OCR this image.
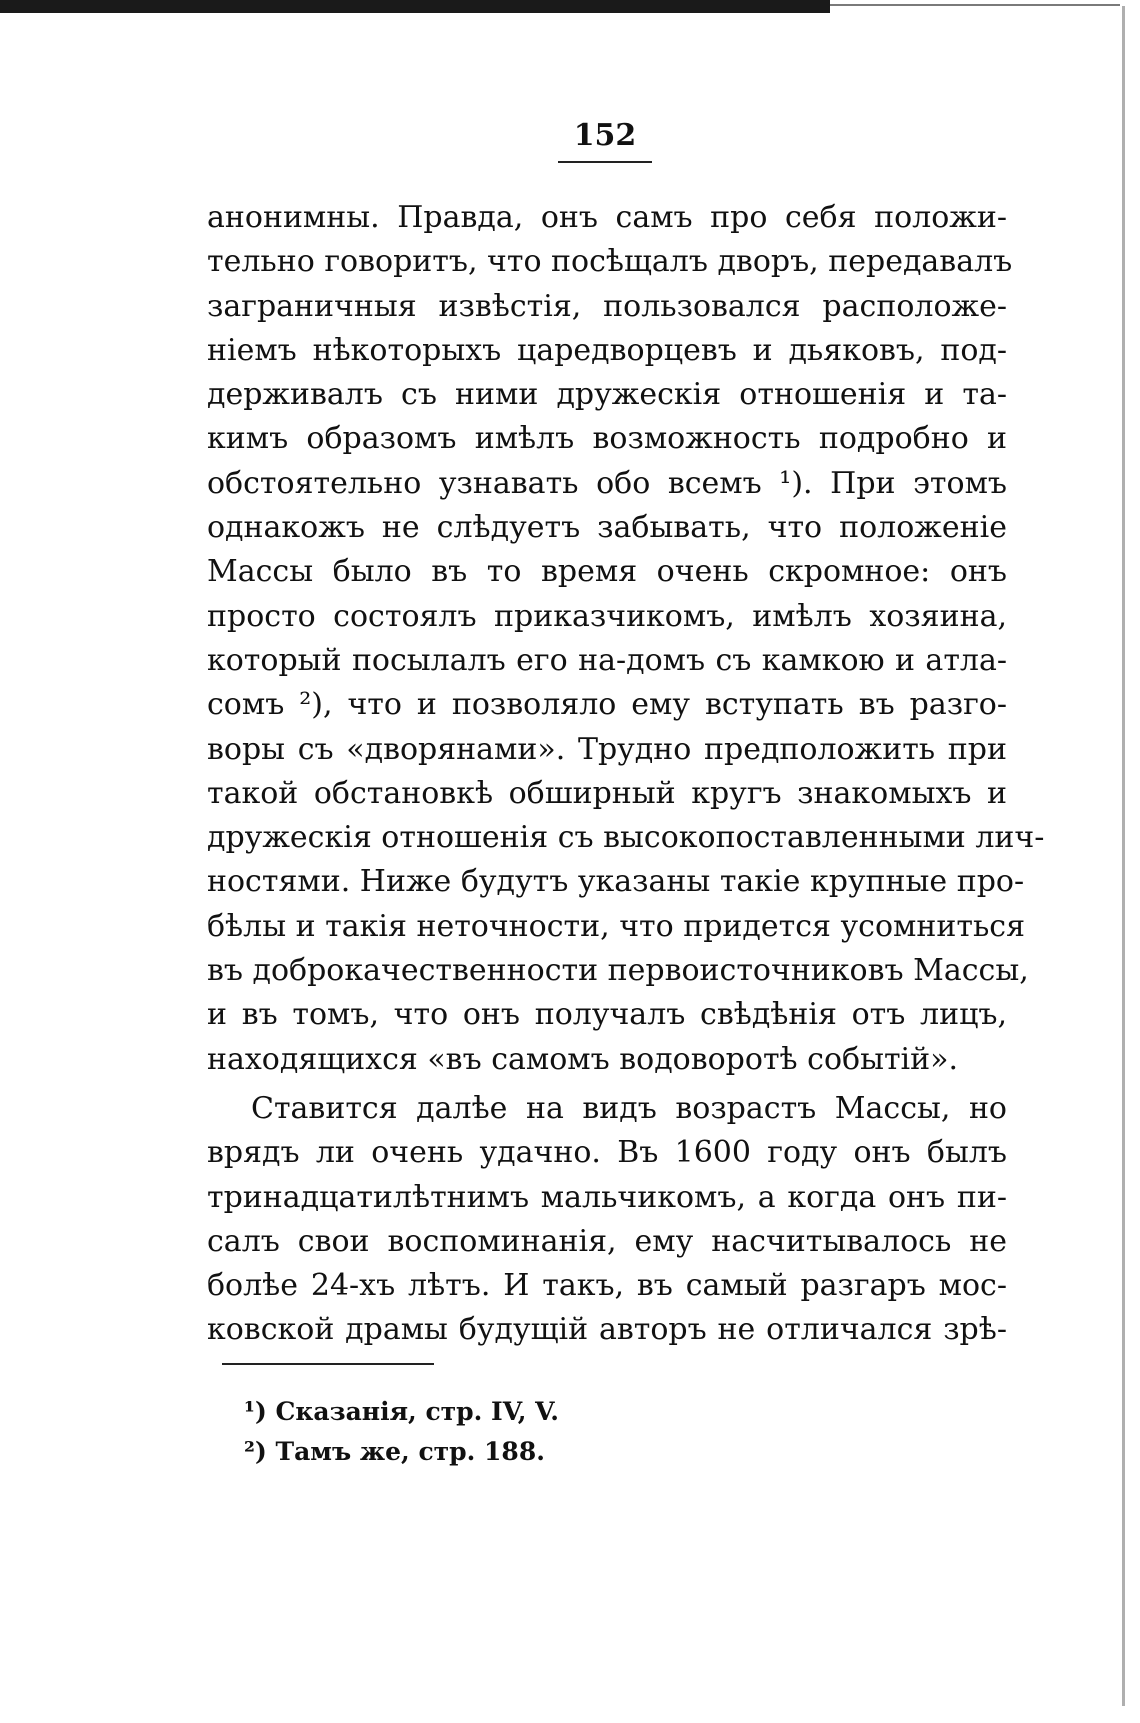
152
анонимны. Правда, онъ самъ про себя положи-
тельно говоритъ, что посѣщалъ дворъ, передавалъ
заграничныя извѣстія, пользовался расположе-
ніемъ нѣкоторыхъ царедворцевъ и дьяковъ, под-
держивалъ съ ними дружескія отношенія и та-
кимъ образомъ имѣлъ возможность подробно и
обстоятельно узнавать обо всемъ ¹). При этомъ
однакожъ не слѣдуетъ забывать, что положеніе
Массы было въ то время очень скромное: онъ
просто состоялъ приказчикомъ, имѣлъ хозяина,
который посылалъ его на-домъ съ камкою и атла-
сомъ ²), что и позволяло ему вступать въ разго-
воры съ «дворянами». Трудно предположить при
такой обстановкѣ обширный кругъ знакомыхъ и
дружескія отношенія съ высокопоставленными лич-
ностями. Ниже будутъ указаны такіе крупные про-
бѣлы и такія неточности, что придется усомниться
въ доброкачественности первоисточниковъ Массы,
и въ томъ, что онъ получалъ свѣдѣнія отъ лицъ,
находящихся «въ самомъ водоворотѣ событій».
Ставится далѣе на видъ возрастъ Массы, но
врядъ ли очень удачно. Въ 1600 году онъ былъ
тринадцатилѣтнимъ мальчикомъ, а когда онъ пи-
салъ свои воспоминанія, ему насчитывалось не
болѣе 24-хъ лѣтъ. И такъ, въ самый разгаръ мос-
ковской драмы будущій авторъ не отличался зрѣ-
¹) Сказанія, стр. IV, V.
²) Тамъ же, стр. 188.
